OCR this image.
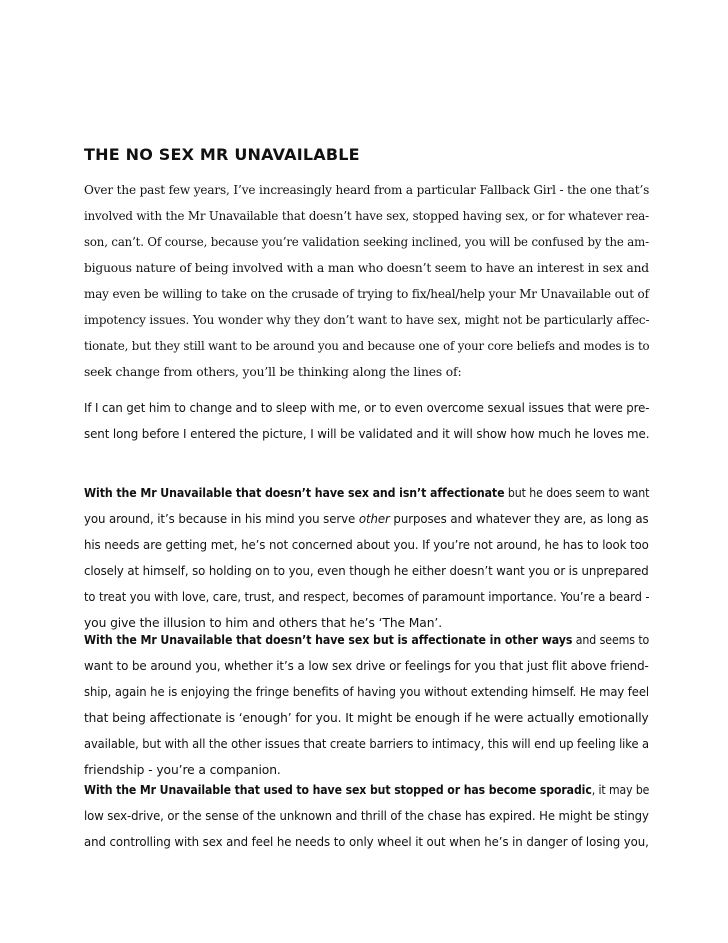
THE NO SEX MR UNAVAILABLE
Over the past few years, I’ve increasingly heard from a particular Fallback Girl - the one that’s
involved with the Mr Unavailable that doesn’t have sex, stopped having sex, or for whatever rea-
son, can’t. Of course, because you’re validation seeking inclined, you will be confused by the am-
biguous nature of being involved with a man who doesn’t seem to have an interest in sex and
may even be willing to take on the crusade of trying to fix/heal/help your Mr Unavailable out of
impotency issues. You wonder why they don’t want to have sex, might not be particularly affec-
tionate, but they still want to be around you and because one of your core beliefs and modes is to
seek change from others, you’ll be thinking along the lines of:
If I can get him to change and to sleep with me, or to even overcome sexual issues that were pre-
sent long before I entered the picture, I will be validated and it will show how much he loves me.
With the Mr Unavailable that doesn’t have sex and isn’t affectionate but he does seem to want
you around, it’s because in his mind you serve other purposes and whatever they are, as long as
his needs are getting met, he’s not concerned about you. If you’re not around, he has to look too
closely at himself, so holding on to you, even though he either doesn’t want you or is unprepared
to treat you with love, care, trust, and respect, becomes of paramount importance. You’re a beard -
you give the illusion to him and others that he’s ‘The Man’.
With the Mr Unavailable that doesn’t have sex but is affectionate in other ways and seems to
want to be around you, whether it’s a low sex drive or feelings for you that just flit above friend-
ship, again he is enjoying the fringe benefits of having you without extending himself. He may feel
that being affectionate is ‘enough’ for you. It might be enough if he were actually emotionally
available, but with all the other issues that create barriers to intimacy, this will end up feeling like a
friendship - you’re a companion.
With the Mr Unavailable that used to have sex but stopped or has become sporadic, it may be
low sex-drive, or the sense of the unknown and thrill of the chase has expired. He might be stingy
and controlling with sex and feel he needs to only wheel it out when he’s in danger of losing you,
